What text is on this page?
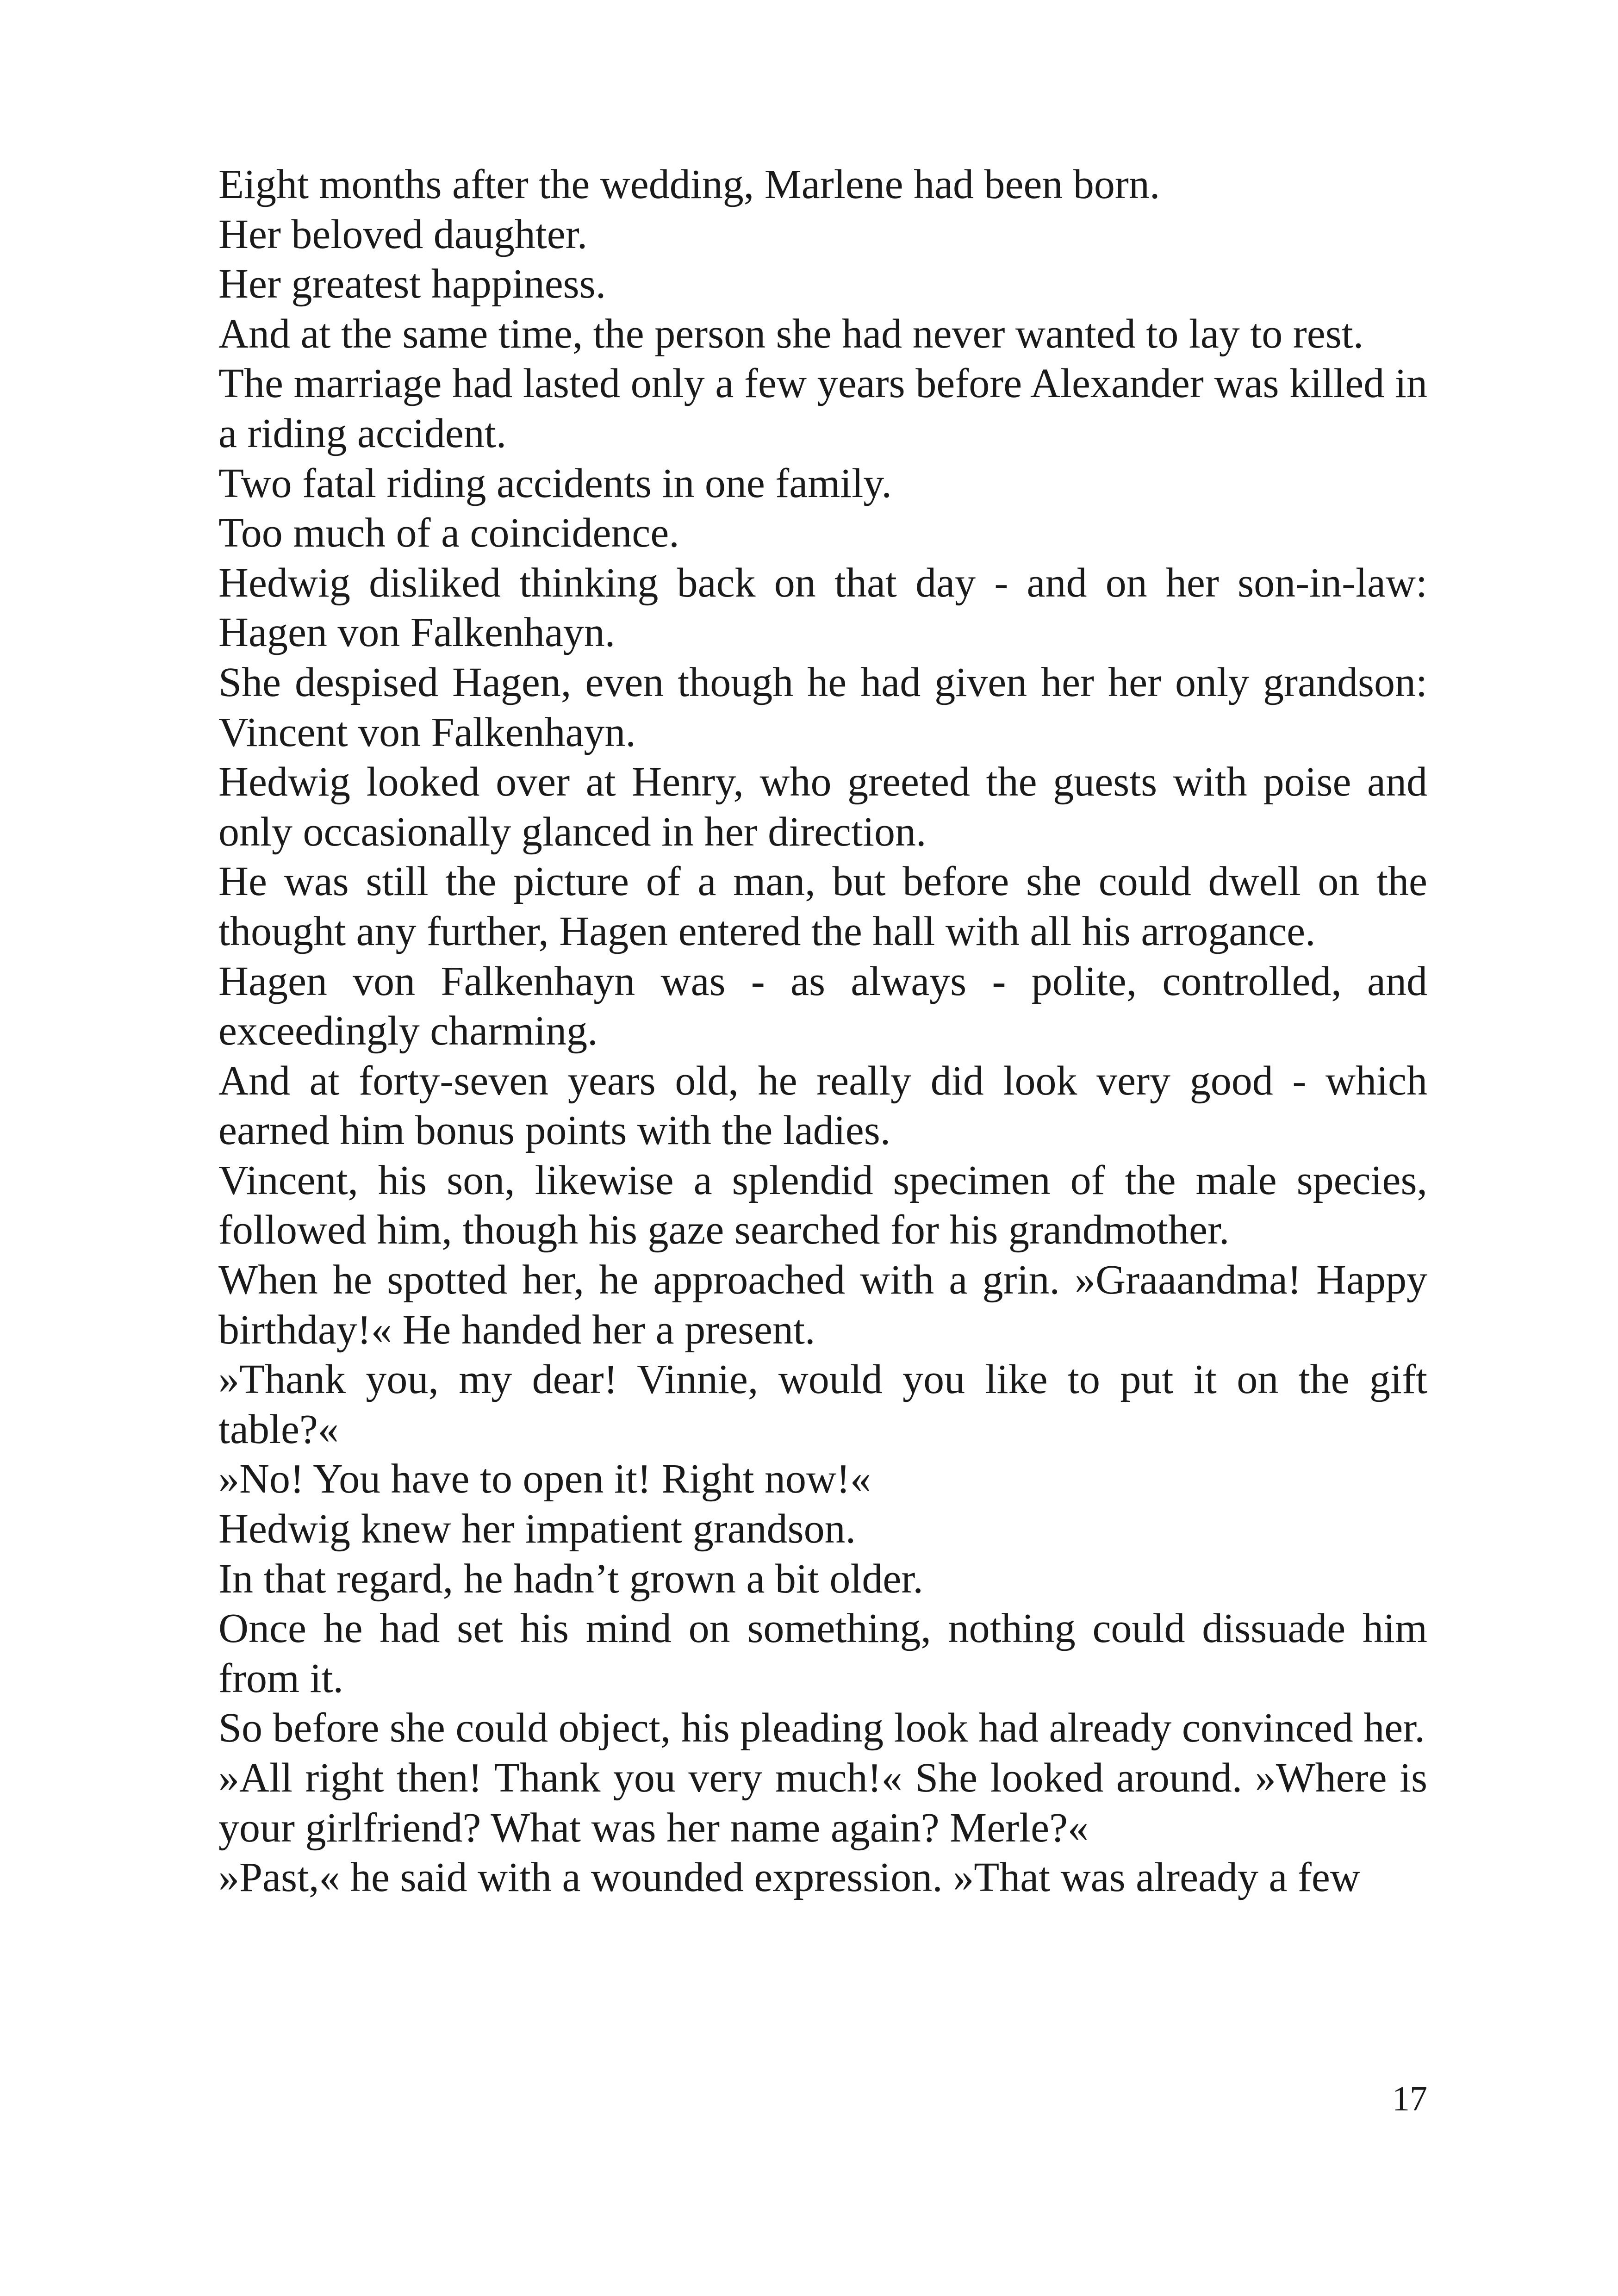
Eight months after the wedding, Marlene had been born.

Her beloved daughter.

Her greatest happiness.

And at the same time, the person she had never wanted to lay to rest.

The marriage had lasted only a few years before Alexander was killed in a riding accident.

Two fatal riding accidents in one family.

Too much of a coincidence.

Hedwig disliked thinking back on that day - and on her son-in-law: Hagen von Falkenhayn.

She despised Hagen, even though he had given her her only grandson: Vincent von Falkenhayn.

Hedwig looked over at Henry, who greeted the guests with poise and only occasionally glanced in her direction.

He was still the picture of a man, but before she could dwell on the thought any further, Hagen entered the hall with all his arrogance.

Hagen von Falkenhayn was - as always - polite, controlled, and exceedingly charming.

And at forty-seven years old, he really did look very good - which earned him bonus points with the ladies.

Vincent, his son, likewise a splendid specimen of the male species, followed him, though his gaze searched for his grandmother.

When he spotted her, he approached with a grin. »Graaandma! Happy birthday!« He handed her a present.

»Thank you, my dear! Vinnie, would you like to put it on the gift table?«

»No! You have to open it! Right now!«

Hedwig knew her impatient grandson.

In that regard, he hadn’t grown a bit older.

Once he had set his mind on something, nothing could dissuade him from it.

So before she could object, his pleading look had already convinced her.

»All right then! Thank you very much!« She looked around. »Where is your girlfriend? What was her name again? Merle?«

»Past,« he said with a wounded expression. »That was already a few

17
